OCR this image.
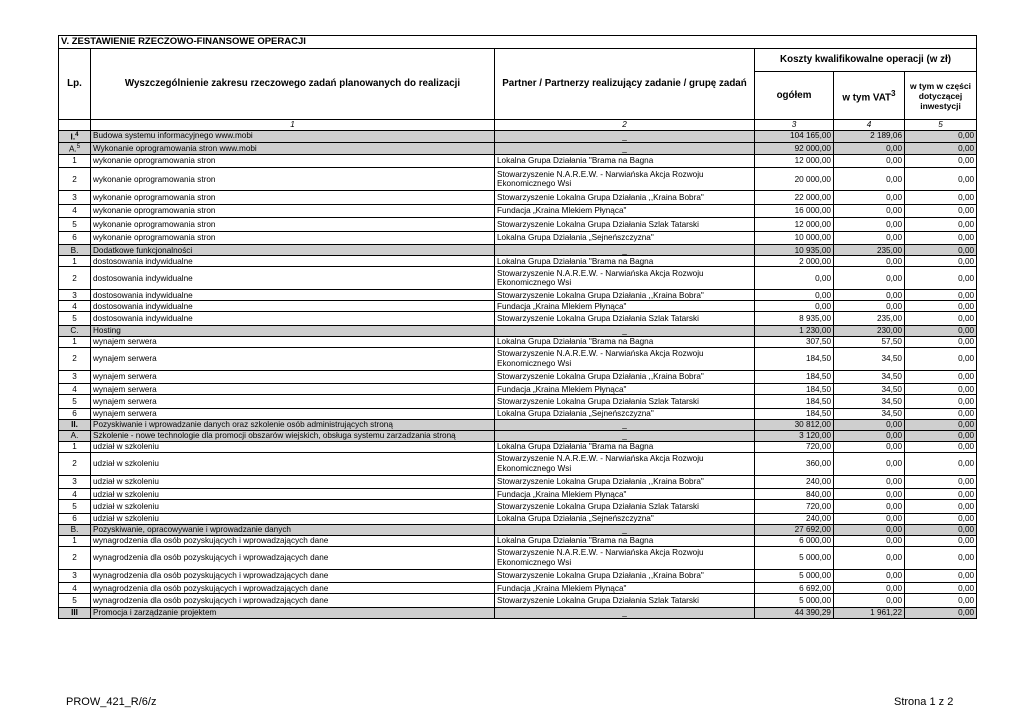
V. ZESTAWIENIE RZECZOWO-FINANSOWE OPERACJI					
Lp.	Wyszczególnienie zakresu rzeczowego zadań planowanych do realizacji	Partner / Partnerzy realizujący zadanie / grupę zadań	Koszty kwalifikowalne operacji (w zł)		
			ogółem	w tym VAT$^3$	w tym w części dotyczącej inwestycji
	1	2	3	4	5
I.$^4$	Budowa systemu informacyjnego www.mobi	_	104 165,00	2 189,06	0,00
A.$^5$	Wykonanie oprogramowania stron www.mobi	_	92 000,00	0,00	0,00
1	wykonanie oprogramowania stron	Lokalna Grupa Działania "Brama na Bagna	12 000,00	0,00	0,00
2	wykonanie oprogramowania stron	Stowarzyszenie N.A.R.E.W. - Narwiańska Akcja Rozwoju Ekonomicznego Wsi	20 000,00	0,00	0,00
3	wykonanie oprogramowania stron	Stowarzyszenie Lokalna Grupa Działania ,,Kraina Bobra"	22 000,00	0,00	0,00
4	wykonanie oprogramowania stron	Fundacja „Kraina Mlekiem Płynąca"	16 000,00	0,00	0,00
5	wykonanie oprogramowania stron	Stowarzyszenie Lokalna Grupa Działania Szlak Tatarski	12 000,00	0,00	0,00
6	wykonanie oprogramowania stron	Lokalna Grupa Działania „Sejneńszczyzna"	10 000,00	0,00	0,00
B.	Dodatkowe funkcjonalności	_	10 935,00	235,00	0,00
1	dostosowania indywidualne	Lokalna Grupa Działania "Brama na Bagna	2 000,00	0,00	0,00
2	dostosowania indywidualne	Stowarzyszenie N.A.R.E.W. - Narwiańska Akcja Rozwoju Ekonomicznego Wsi	0,00	0,00	0,00
3	dostosowania indywidualne	Stowarzyszenie Lokalna Grupa Działania ,,Kraina Bobra"	0,00	0,00	0,00
4	dostosowania indywidualne	Fundacja „Kraina Mlekiem Płynąca"	0,00	0,00	0,00
5	dostosowania indywidualne	Stowarzyszenie Lokalna Grupa Działania Szlak Tatarski	8 935,00	235,00	0,00
C.	Hosting	_	1 230,00	230,00	0,00
1	wynajem serwera	Lokalna Grupa Działania "Brama na Bagna	307,50	57,50	0,00
2	wynajem serwera	Stowarzyszenie N.A.R.E.W. - Narwiańska Akcja Rozwoju Ekonomicznego Wsi	184,50	34,50	0,00
3	wynajem serwera	Stowarzyszenie Lokalna Grupa Działania ,,Kraina Bobra"	184,50	34,50	0,00
4	wynajem serwera	Fundacja „Kraina Mlekiem Płynąca"	184,50	34,50	0,00
5	wynajem serwera	Stowarzyszenie Lokalna Grupa Działania Szlak Tatarski	184,50	34,50	0,00
6	wynajem serwera	Lokalna Grupa Działania „Sejneńszczyzna"	184,50	34,50	0,00
II.	Pozyskiwanie i wprowadzanie danych oraz szkolenie osób administrujących stroną	_	30 812,00	0,00	0,00
A.	Szkolenie - nowe technologie dla promocji obszarów wiejskich, obsługa systemu zarzadzania stroną	_	3 120,00	0,00	0,00
1	udział w szkoleniu	Lokalna Grupa Działania "Brama na Bagna	720,00	0,00	0,00
2	udział w szkoleniu	Stowarzyszenie N.A.R.E.W. - Narwiańska Akcja Rozwoju Ekonomicznego Wsi	360,00	0,00	0,00
3	udział w szkoleniu	Stowarzyszenie Lokalna Grupa Działania ,,Kraina Bobra"	240,00	0,00	0,00
4	udział w szkoleniu	Fundacja „Kraina Mlekiem Płynąca"	840,00	0,00	0,00
5	udział w szkoleniu	Stowarzyszenie Lokalna Grupa Działania Szlak Tatarski	720,00	0,00	0,00
6	udział w szkoleniu	Lokalna Grupa Działania „Sejneńszczyzna"	240,00	0,00	0,00
B.	Pozyskiwanie, opracowywanie i wprowadzanie danych	_	27 692,00	0,00	0,00
1	wynagrodzenia dla osób pozyskujących i wprowadzających dane	Lokalna Grupa Działania "Brama na Bagna	6 000,00	0,00	0,00
2	wynagrodzenia dla osób pozyskujących i wprowadzających dane	Stowarzyszenie N.A.R.E.W. - Narwiańska Akcja Rozwoju Ekonomicznego Wsi	5 000,00	0,00	0,00
3	wynagrodzenia dla osób pozyskujących i wprowadzających dane	Stowarzyszenie Lokalna Grupa Działania ,,Kraina Bobra"	5 000,00	0,00	0,00
4	wynagrodzenia dla osób pozyskujących i wprowadzających dane	Fundacja „Kraina Mlekiem Płynąca"	6 692,00	0,00	0,00
5	wynagrodzenia dla osób pozyskujących i wprowadzających dane	Stowarzyszenie Lokalna Grupa Działania Szlak Tatarski	5 000,00	0,00	0,00
III	Promocja i zarządzanie projektem	_	44 390,29	1 961,22	0,00
PROW_421_R/6/z	Strona 1 z 2
